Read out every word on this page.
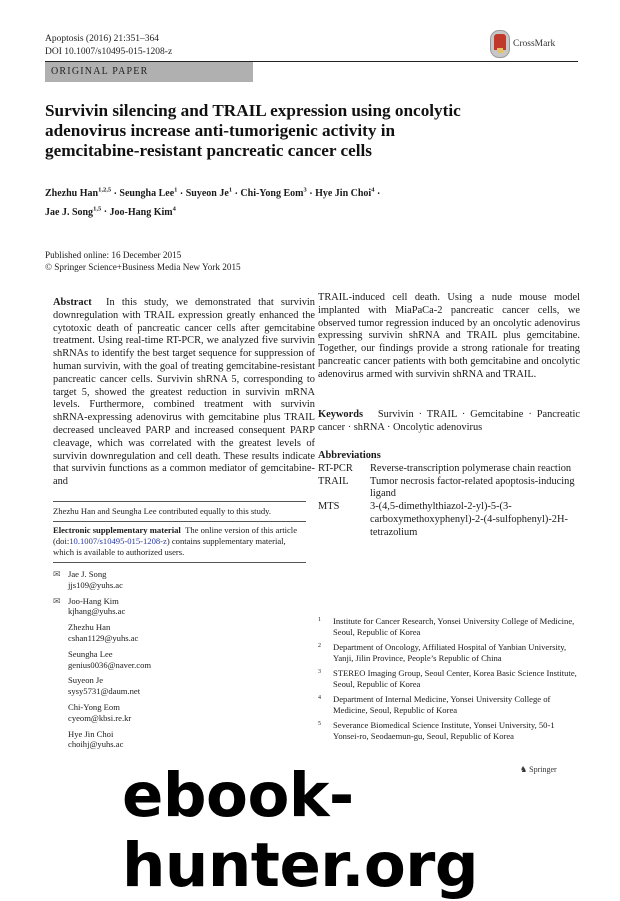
Apoptosis (2016) 21:351–364
DOI 10.1007/s10495-015-1208-z
CrossMark
ORIGINAL PAPER
Survivin silencing and TRAIL expression using oncolytic adenovirus increase anti-tumorigenic activity in gemcitabine-resistant pancreatic cancer cells
Zhezhu Han$^{1,2,5}$ · Seungha Lee$^1$ · Suyeon $Je^1$ · Chi-Yong Eom$^3$ · Hye Jin Choi$^4$ ·
Jae J. Song$^{1,5}$ · Joo-Hang Kim$^4$
Published online: 16 December 2015
© Springer Science+Business Media New York 2015
Abstract In this study, we demonstrated that survivin downregulation with TRAIL expression greatly enhanced the cytotoxic death of pancreatic cancer cells after gemcitabine treatment. Using real-time RT-PCR, we analyzed five survivin shRNAs to identify the best target sequence for suppression of human survivin, with the goal of treating gemcitabine-resistant pancreatic cancer cells. Survivin shRNA 5, corresponding to target 5, showed the greatest reduction in survivin mRNA levels. Furthermore, combined treatment with survivin shRNA-expressing adenovirus with gemcitabine plus TRAIL decreased uncleaved PARP and increased consequent PARP cleavage, which was correlated with the greatest levels of survivin downregulation and cell death. These results indicate that survivin functions as a common mediator of gemcitabine- and
TRAIL-induced cell death. Using a nude mouse model implanted with MiaPaCa-2 pancreatic cancer cells, we observed tumor regression induced by an oncolytic adenovirus expressing survivin shRNA and TRAIL plus gemcitabine. Together, our findings provide a strong rationale for treating pancreatic cancer patients with both gemcitabine and oncolytic adenovirus armed with survivin shRNA and TRAIL.
Keywords Survivin · TRAIL · Gemcitabine · Pancreatic cancer · shRNA · Oncolytic adenovirus
Abbreviations
RT-PCR	Reverse-transcription polymerase chain reaction
TRAIL	Tumor necrosis factor-related apoptosis-inducing ligand
MTS	3-(4,5-dimethylthiazol-2-yl)-5-(3-carboxymethoxyphenyl)-2-(4-sulfophenyl)-2H-tetrazolium
Zhezhu Han and Seungha Lee contributed equally to this study.
Electronic supplementary material The online version of this article (doi:10.1007/s10495-015-1208-z) contains supplementary material, which is available to authorized users.
✉ Jae J. Song
jjs109@yuhs.ac
✉ Joo-Hang Kim
kjhang@yuhs.ac
Zhezhu Han
cshan1129@yuhs.ac
Seungha Lee
genius0036@naver.com
Suyeon Je
sysy5731@daum.net
Chi-Yong Eom
cyeom@kbsi.re.kr
Hye Jin Choi
choihj@yuhs.ac
1	Institute for Cancer Research, Yonsei University College of Medicine, Seoul, Republic of Korea
2	Department of Oncology, Affiliated Hospital of Yanbian University, Yanji, Jilin Province, People’s Republic of China
3	STEREO Imaging Group, Seoul Center, Korea Basic Science Institute, Seoul, Republic of Korea
4	Department of Internal Medicine, Yonsei University College of Medicine, Seoul, Republic of Korea
5	Severance Biomedical Science Institute, Yonsei University, 50-1 Yonsei-ro, Seodaemun-gu, Seoul, Republic of Korea
♞ Springer
ebook-hunter.org
